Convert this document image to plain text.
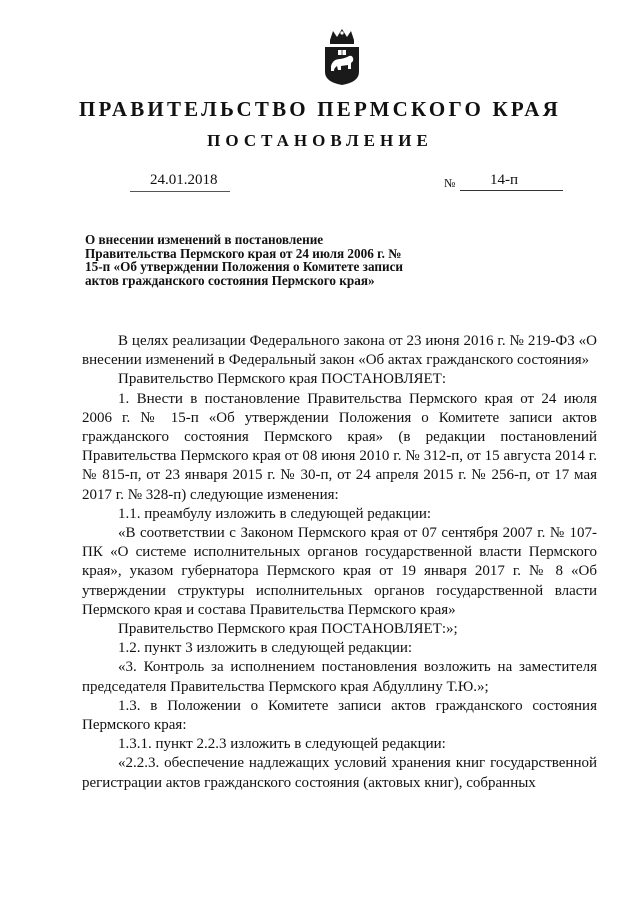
ПРАВИТЕЛЬСТВО ПЕРМСКОГО КРАЯ
ПОСТАНОВЛЕНИЕ
24.01.2018	№ 14-п
О внесении изменений в постановление Правительства Пермского края от 24 июля 2006 г. № 15-п «Об утверждении Положения о Комитете записи актов гражданского состояния Пермского края»

В целях реализации Федерального закона от 23 июня 2016 г. № 219-ФЗ «О внесении изменений в Федеральный закон «Об актах гражданского состояния»

Правительство Пермского края ПОСТАНОВЛЯЕТ:

1. Внести в постановление Правительства Пермского края от 24 июля 2006 г. № 15-п «Об утверждении Положения о Комитете записи актов гражданского состояния Пермского края» (в редакции постановлений Правительства Пермского края от 08 июня 2010 г. № 312-п, от 15 августа 2014 г. № 815-п, от 23 января 2015 г. № 30-п, от 24 апреля 2015 г. № 256-п, от 17 мая 2017 г. № 328-п) следующие изменения:

1.1. преамбулу изложить в следующей редакции:

«В соответствии с Законом Пермского края от 07 сентября 2007 г. № 107-ПК «О системе исполнительных органов государственной власти Пермского края», указом губернатора Пермского края от 19 января 2017 г. № 8 «Об утверждении структуры исполнительных органов государственной власти Пермского края и состава Правительства Пермского края»

Правительство Пермского края ПОСТАНОВЛЯЕТ:»;

1.2. пункт 3 изложить в следующей редакции:

«3. Контроль за исполнением постановления возложить на заместителя председателя Правительства Пермского края Абдуллину Т.Ю.»;

1.3. в Положении о Комитете записи актов гражданского состояния Пермского края:

1.3.1. пункт 2.2.3 изложить в следующей редакции:

«2.2.3. обеспечение надлежащих условий хранения книг государственной регистрации актов гражданского состояния (актовых книг), собранных
